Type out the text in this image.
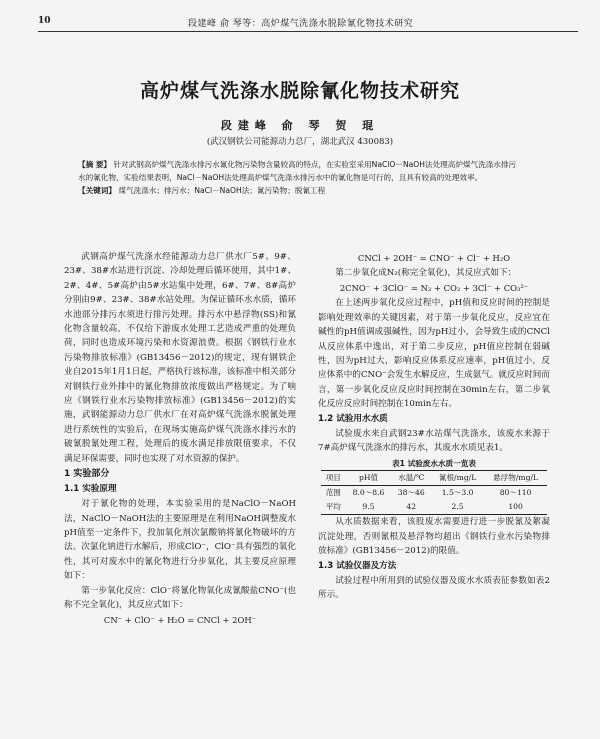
10	段建峰 俞 琴等：高炉煤气洗涤水脱除氰化物技术研究
高炉煤气洗涤水脱除氰化物技术研究
段建峰 俞 琴 贺 琨
(武汉钢铁公司能源动力总厂，湖北武汉 430083)
【摘 要】 针对武钢高炉煤气洗涤水排污水氰化物污染物含量较高的特点，在实验室采用NaClO－NaOH法处理高炉煤气洗涤水排污水的氰化物，实验结果表明，NaCl－NaOH法处理高炉煤气洗涤水排污水中的氰化物是可行的，且具有较高的处理效率。
【关键词】 煤气洗涤水；排污水；NaCl－NaOH法；氰污染物；脱氰工程

武钢高炉煤气洗涤水经能源动力总厂供水厂5#、9#、23#、38#水站进行沉淀、冷却处理后循环使用，其中1#、2#、4#、5#高炉由5#水站集中处理，6#、7#、8#高炉分别由9#、23#、38#水站处理。为保证循环水水质，循环水池部分排污水须进行排污处理。排污水中悬浮物(SS)和氰化物含量较高，不仅给下游废水处理工艺造成严重的处理负荷，同时也造成环境污染和水资源浪费。根据《钢铁行业水污染物排放标准》(GB13456－2012)的规定，现有钢铁企业自2015年1月1日起，严格执行该标准，该标准中相关部分对钢铁行业外排中的氰化物排放浓度做出严格规定。为了响应《钢铁行业水污染物排放标准》(GB13456－2012)的实施，武钢能源动力总厂供水厂在对高炉煤气洗涤水脱氰处理进行系统性的实验后，在现场实施高炉煤气洗涤水排污水的破氰脱氰处理工程，处理后的废水满足排放限值要求，不仅满足环保需要，同时也实现了对水资源的保护。

1 实验部分
1.1 实验原理

对于氰化物的处理，本实验采用的是NaClO－NaOH法，NaClO－NaOH法的主要原理是在利用NaOH调整废水pH值至一定条件下，投加氧化剂次氯酸钠将氰化物破坏的方法。次氯化钠进行水解后，形成ClO⁻，ClO⁻具有强烈的氧化性，其可对废水中的氰化物进行分步氧化，其主要反应原理如下：

第一步氧化反应：ClO⁻将氰化物氧化成氰酸盐CNO⁻(也称不完全氧化)，其反应式如下：

CN⁻ + ClO⁻ + H₂O = CNCl + 2OH⁻

CNCl + 2OH⁻ = CNO⁻ + Cl⁻ + H₂O

第二步氧化成N₂(称完全氧化)，其反应式如下：

2CNO⁻ + 3ClO⁻ = N₂ + CO₂ + 3Cl⁻ + CO₃²⁻

在上述两步氧化反应过程中，pH值和反应时间的控制是影响处理效率的关键因素，对于第一步氧化反应，反应宜在碱性的pH值调成强碱性，因为pH过小，会导致生成的CNCl从反应体系中逸出，对于第二步反应，pH值应控制在弱碱性，因为pH过大，影响反应体系反应速率，pH值过小，反应体系中的CNO⁻会发生水解反应，生成氨气。就反应时间而言，第一步氧化反应反应时间控制在30min左右，第二步氧化反应反应时间控制在10min左右。

1.2 试验用水水质

试验废水来自武钢23#水站煤气洗涤水，该废水来源于7#高炉煤气洗涤水的排污水，其废水水质见表1。

表1 试验废水水质一览表
项目	pH值	水温/℃	氰根/mg/L	悬浮物/mg/L
范围	8.0～8.6	38～46	1.5～3.0	80～110
平均	9.5	42	2.5	100

从水质数据来看，该股废水需要进行进一步脱氰及絮凝沉淀处理，否则氰根及悬浮物均超出《钢铁行业水污染物排放标准》(GB13456－2012)的限值。

1.3 试验仪器及方法

试验过程中所用到的试验仪器及废水水质表征参数如表2所示。
